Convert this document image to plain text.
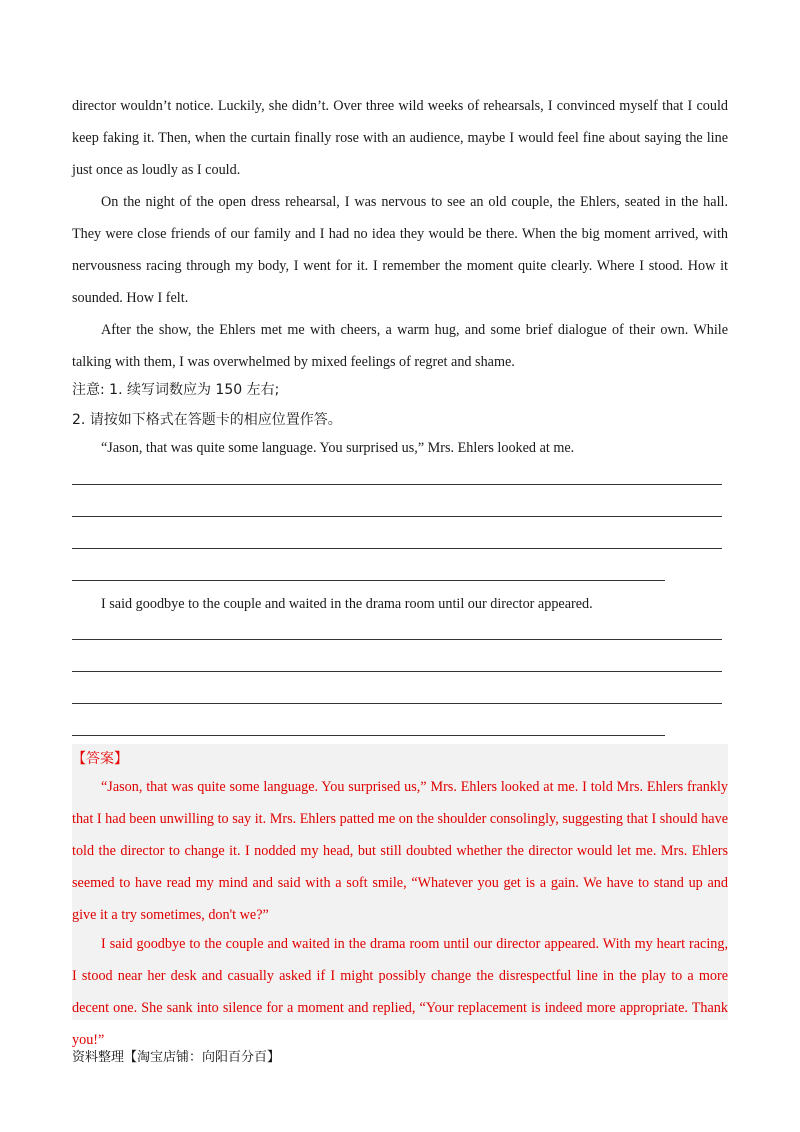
director wouldn’t notice. Luckily, she didn’t. Over three wild weeks of rehearsals, I convinced myself that I could keep faking it. Then, when the curtain finally rose with an audience, maybe I would feel fine about saying the line just once as loudly as I could.

On the night of the open dress rehearsal, I was nervous to see an old couple, the Ehlers, seated in the hall. They were close friends of our family and I had no idea they would be there. When the big moment arrived, with nervousness racing through my body, I went for it. I remember the moment quite clearly. Where I stood. How it sounded. How I felt.

After the show, the Ehlers met me with cheers, a warm hug, and some brief dialogue of their own. While talking with them, I was overwhelmed by mixed feelings of regret and shame.

注意: 1. 续写词数应为 150 左右;

2. 请按如下格式在答题卡的相应位置作答。

“Jason, that was quite some language. You surprised us,” Mrs. Ehlers looked at me.

I said goodbye to the couple and waited in the drama room until our director appeared.

【答案】

“Jason, that was quite some language. You surprised us,” Mrs. Ehlers looked at me. I told Mrs. Ehlers frankly that I had been unwilling to say it. Mrs. Ehlers patted me on the shoulder consolingly, suggesting that I should have told the director to change it. I nodded my head, but still doubted whether the director would let me. Mrs. Ehlers seemed to have read my mind and said with a soft smile, “Whatever you get is a gain. We have to stand up and give it a try sometimes, don't we?”

I said goodbye to the couple and waited in the drama room until our director appeared. With my heart racing, I stood near her desk and casually asked if I might possibly change the disrespectful line in the play to a more decent one. She sank into silence for a moment and replied, “Your replacement is indeed more appropriate. Thank you!”

资料整理【淘宝店铺：向阳百分百】
